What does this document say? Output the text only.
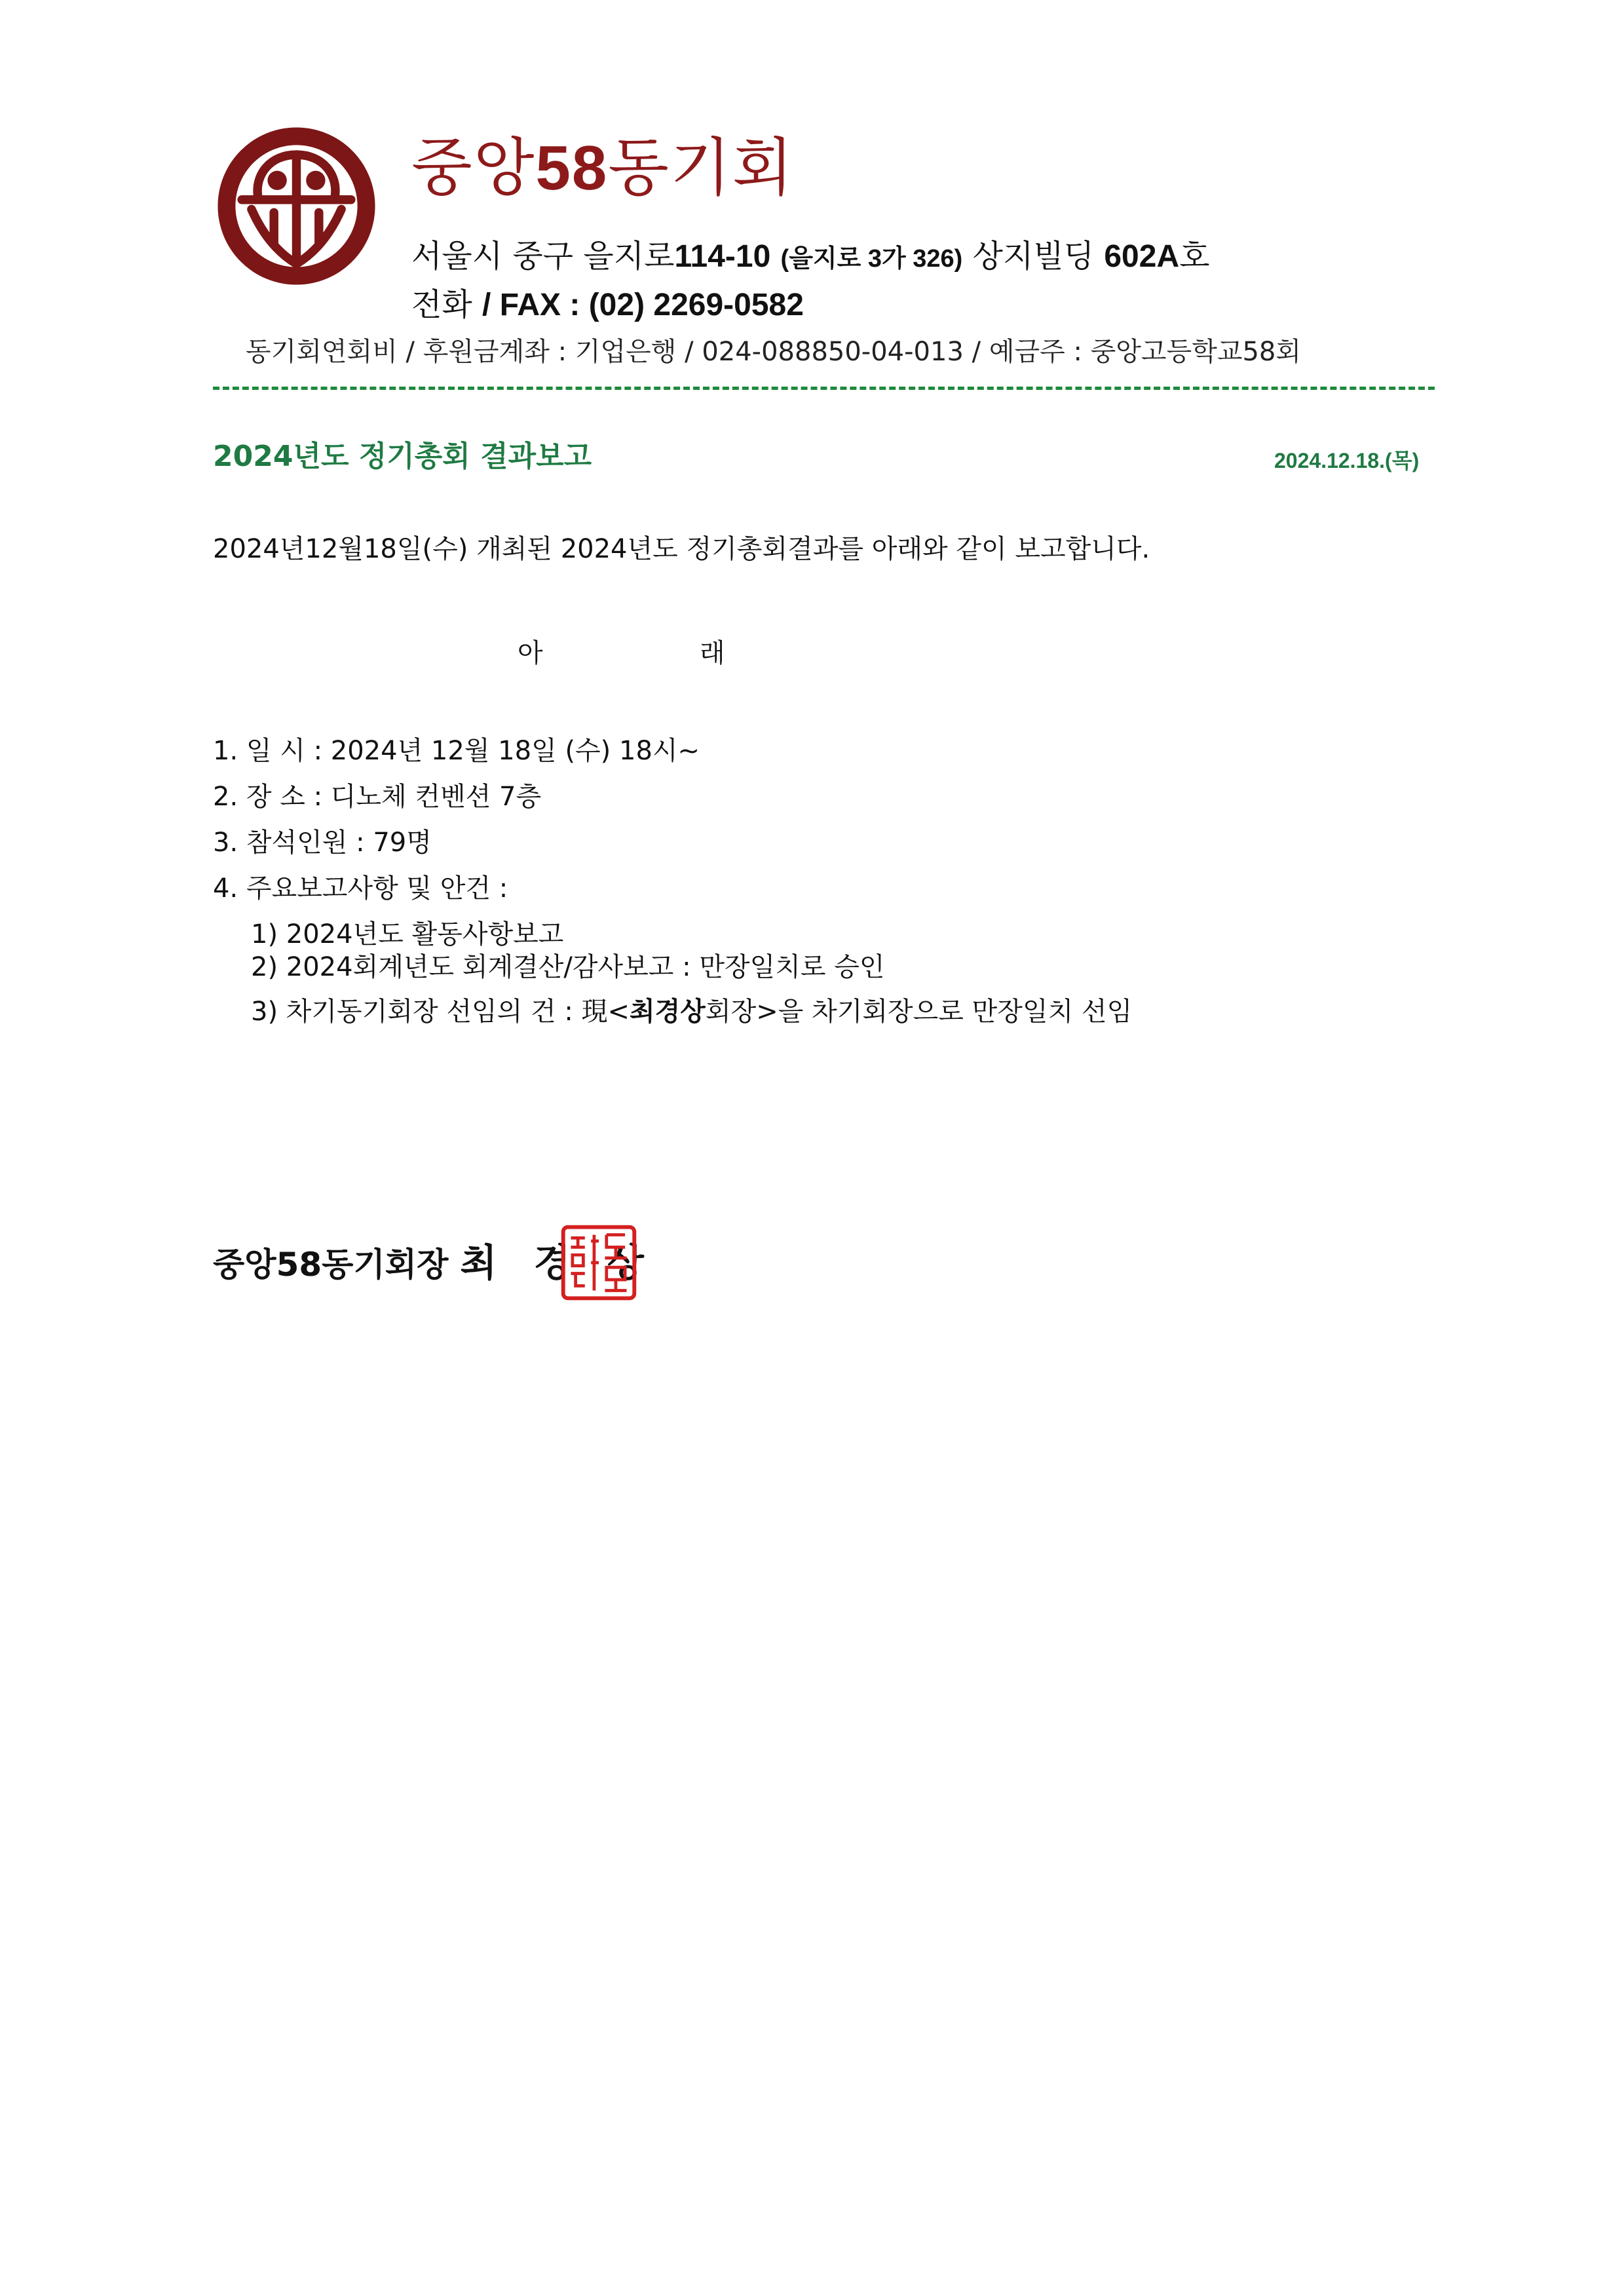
중앙58동기회
서울시 중구 을지로114-10 (을지로 3가 326) 상지빌딩 602A호
전화 / FAX : (02) 2269-0582
동기회연회비 / 후원금계좌 : 기업은행 / 024-088850-04-013 / 예금주 : 중앙고등학교58회
2024년도 정기총회 결과보고	2024.12.18.(목)
2024년12월18일(수) 개최된 2024년도 정기총회결과를 아래와 같이 보고합니다.
아	래
1. 일 시 : 2024년 12월 18일 (수) 18시~
2. 장 소 : 디노체 컨벤션 7층
3. 참석인원 : 79명
4. 주요보고사항 및 안건 :
1) 2024년도 활동사항보고
2) 2024회계년도 회계결산/감사보고 : 만장일치로 승인
3) 차기동기회장 선임의 건 : 現<최경상회장>을 차기회장으로 만장일치 선임
중앙58동기회장 최 경 상
